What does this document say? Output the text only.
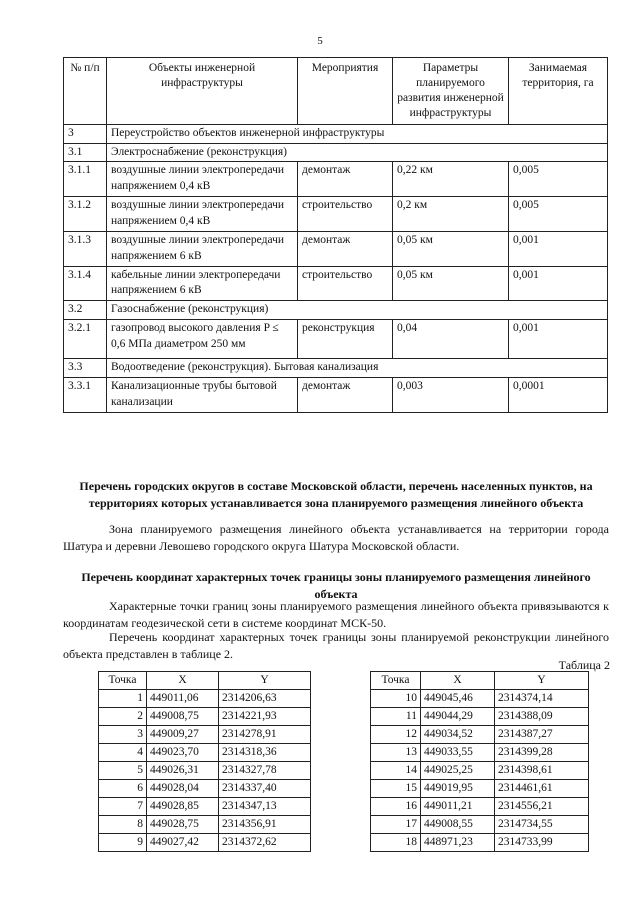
5
№ п/п	Объекты инженерной инфраструктуры	Мероприятия	Параметры планируемого развития инженерной инфраструктуры	Занимаемая территория, га
3	Переустройство объектов инженерной инфраструктуры			
3.1	Электроснабжение (реконструкция)			
3.1.1	воздушные линии электропередачи напряжением 0,4 кВ	демонтаж	0,22 км	0,005
3.1.2	воздушные линии электропередачи напряжением 0,4 кВ	строительство	0,2 км	0,005
3.1.3	воздушные линии электропередачи напряжением 6 кВ	демонтаж	0,05 км	0,001
3.1.4	кабельные линии электропередачи напряжением 6 кВ	строительство	0,05 км	0,001
3.2	Газоснабжение (реконструкция)			
3.2.1	газопровод высокого давления P ≤ 0,6 МПа диаметром 250 мм	реконструкция	0,04	0,001
3.3	Водоотведение (реконструкция). Бытовая канализация			
3.3.1	Канализационные трубы бытовой канализации	демонтаж	0,003	0,0001
Перечень городских округов в составе Московской области, перечень населенных пунктов, на территориях которых устанавливается зона планируемого размещения линейного объекта
Зона планируемого размещения линейного объекта устанавливается на территории города Шатура и деревни Левошево городского округа Шатура Московской области.
Перечень координат характерных точек границы зоны планируемого размещения линейного объекта
Характерные точки границ зоны планируемого размещения линейного объекта привязываются к координатам геодезической сети в системе координат МСК-50.
Перечень координат характерных точек границы зоны планируемой реконструкции линейного объекта представлен в таблице 2.
Таблица 2
Точка	X	Y
1	449011,06	2314206,63
2	449008,75	2314221,93
3	449009,27	2314278,91
4	449023,70	2314318,36
5	449026,31	2314327,78
6	449028,04	2314337,40
7	449028,85	2314347,13
8	449028,75	2314356,91
9	449027,42	2314372,62
Точка	X	Y
10	449045,46	2314374,14
11	449044,29	2314388,09
12	449034,52	2314387,27
13	449033,55	2314399,28
14	449025,25	2314398,61
15	449019,95	2314461,61
16	449011,21	2314556,21
17	449008,55	2314734,55
18	448971,23	2314733,99
